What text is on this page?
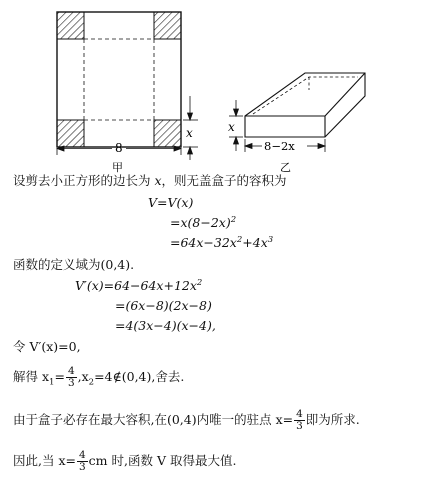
x
8
甲
x
8−2x
乙
设剪去小正方形的边长为 x，则无盖盒子的容积为
V=V(x)
$=x(8-2x)^2$
$=64x-32x^2+4x^3$
函数的定义域为(0,4).
$V'(x)=64-64x+12x^2$
=(6x−8)(2x−8)
=4(3x−4)(x−4),
令 V′(x)=0,
解得 $x_1= \frac{4}{3}$ $,x_2=4\notin(0,4)$,舍去.
由于盒子必存在最大容积,在(0,4)内唯一的驻点 $x= \frac{4}{3}$ 即为所求.
因此,当 $x= \frac{4}{3}$ cm 时,函数 V 取得最大值.
